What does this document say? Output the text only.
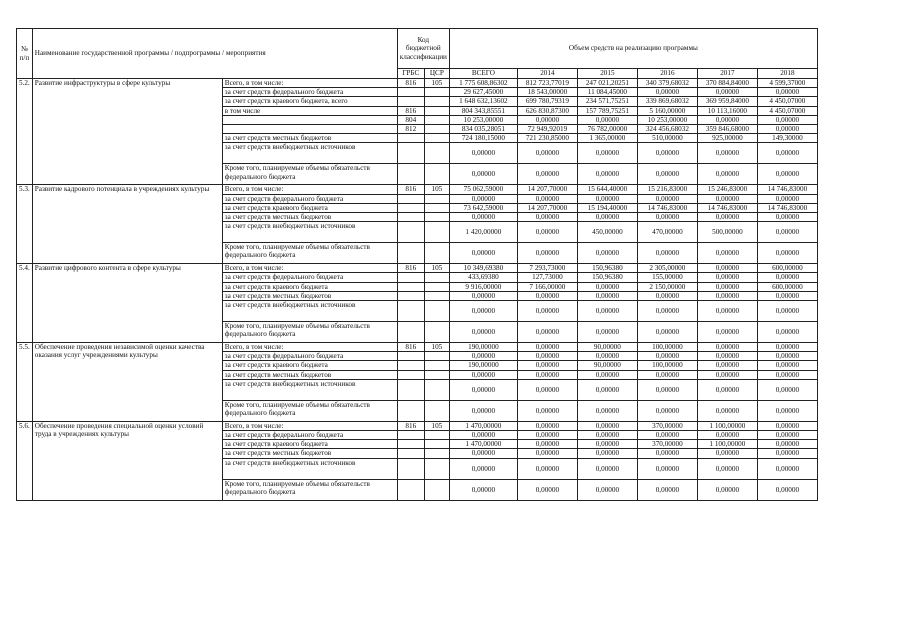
№ п/п	Наименование государственной программы / подпрограммы / мероприятия		Код бюджетной классификации		Объем средств на реализацию программы					
			ГРБС	ЦСР	ВСЕГО	2014	2015	2016	2017	2018
5.2.	Развитие инфраструктуры в сфере культуры	Всего, в том числе:	816	105	1 775 608,86302	812 723,77019	247 021,20251	340 379,68032	370 884,84000	4 599,37000
		за счет средств федерального бюджета			29 627,45000	18 543,00000	11 084,45000	0,00000	0,00000	0,00000
		за счет средств краевого бюджета, всего			1 648 632,13602	699 780,79319	234 571,75251	339 869,68032	369 959,84000	4 450,07000
		в том числе	816		804 343,85551	626 830,87300	157 789,75251	5 160,00000	10 113,16000	4 450,07000
			804		10 253,00000	0,00000	0,00000	10 253,00000	0,00000	0,00000
			812		834 035,28051	72 949,92019	76 782,00000	324 456,68032	359 846,68000	0,00000
		за счет средств местных бюджетов			724 180,15000	721 230,85000	1 365,00000	510,00000	925,00000	149,30000
		за счет средств внебюджетных источников			0,00000	0,00000	0,00000	0,00000	0,00000	0,00000
		Кроме того, планируемые объемы обязательств федерального бюджета			0,00000	0,00000	0,00000	0,00000	0,00000	0,00000
5.3.	Развитие кадрового потенциала в учреждениях культуры	Всего, в том числе:	816	105	75 062,59000	14 207,70000	15 644,40000	15 216,83000	15 246,83000	14 746,83000
		за счет средств федерального бюджета			0,00000	0,00000	0,00000	0,00000	0,00000	0,00000
		за счет средств краевого бюджета			73 642,59000	14 207,70000	15 194,40000	14 746,83000	14 746,83000	14 746,83000
		за счет средств местных бюджетов			0,00000	0,00000	0,00000	0,00000	0,00000	0,00000
		за счет средств внебюджетных источников			1 420,00000	0,00000	450,00000	470,00000	500,00000	0,00000
		Кроме того, планируемые объемы обязательств федерального бюджета			0,00000	0,00000	0,00000	0,00000	0,00000	0,00000
5.4.	Развитие цифрового контента в сфере культуры	Всего, в том числе:	816	105	10 349,69380	7 293,73000	150,96380	2 305,00000	0,00000	600,00000
		за счет средств федерального бюджета			433,69380	127,73000	150,96380	155,00000	0,00000	0,00000
		за счет средств краевого бюджета			9 916,00000	7 166,00000	0,00000	2 150,00000	0,00000	600,00000
		за счет средств местных бюджетов			0,00000	0,00000	0,00000	0,00000	0,00000	0,00000
		за счет средств внебюджетных источников			0,00000	0,00000	0,00000	0,00000	0,00000	0,00000
		Кроме того, планируемые объемы обязательств федерального бюджета			0,00000	0,00000	0,00000	0,00000	0,00000	0,00000
5.5.	Обеспечение проведения независимой оценки качества оказания услуг учреждениями культуры	Всего, в том числе:	816	105	190,00000	0,00000	90,00000	100,00000	0,00000	0,00000
		за счет средств федерального бюджета			0,00000	0,00000	0,00000	0,00000	0,00000	0,00000
		за счет средств краевого бюджета			190,00000	0,00000	90,00000	100,00000	0,00000	0,00000
		за счет средств местных бюджетов			0,00000	0,00000	0,00000	0,00000	0,00000	0,00000
		за счет средств внебюджетных источников			0,00000	0,00000	0,00000	0,00000	0,00000	0,00000
		Кроме того, планируемые объемы обязательств федерального бюджета			0,00000	0,00000	0,00000	0,00000	0,00000	0,00000
5.6.	Обеспечение проведения специальной оценки условий труда в учреждениях культуры	Всего, в том числе:	816	105	1 470,00000	0,00000	0,00000	370,00000	1 100,00000	0,00000
		за счет средств федерального бюджета			0,00000	0,00000	0,00000	0,00000	0,00000	0,00000
		за счет средств краевого бюджета			1 470,00000	0,00000	0,00000	370,00000	1 100,00000	0,00000
		за счет средств местных бюджетов			0,00000	0,00000	0,00000	0,00000	0,00000	0,00000
		за счет средств внебюджетных источников			0,00000	0,00000	0,00000	0,00000	0,00000	0,00000
		Кроме того, планируемые объемы обязательств федерального бюджета			0,00000	0,00000	0,00000	0,00000	0,00000	0,00000
